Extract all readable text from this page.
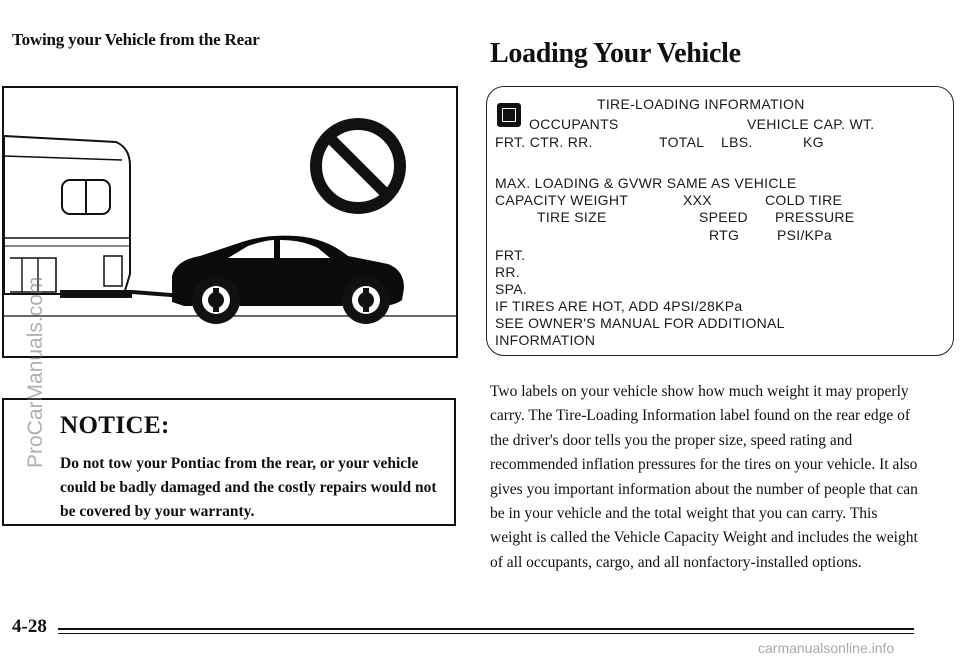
Towing your Vehicle from the Rear	Loading Your Vehicle
TIRE-LOADING INFORMATION
OCCUPANTS	VEHICLE CAP. WT.
FRT. CTR. RR.	TOTAL LBS.	KG
MAX. LOADING & GVWR SAME AS VEHICLE
CAPACITY WEIGHT	XXX	COLD TIRE
TIRE SIZE	SPEED PRESSURE
RTG	PSI/KPa
FRT.
RR.
SPA.
IF TIRES ARE HOT, ADD 4PSI/28KPa
SEE OWNER'S MANUAL FOR ADDITIONAL
INFORMATION
NOTICE:

Do not tow your Pontiac from the rear, or your vehicle could be badly damaged and the costly repairs would not be covered by your warranty.

Two labels on your vehicle show how much weight it may properly carry. The Tire-Loading Information label found on the rear edge of the driver's door tells you the proper size, speed rating and recommended inflation pressures for the tires on your vehicle. It also gives you important information about the number of people that can be in your vehicle and the total weight that you can carry. This weight is called the Vehicle Capacity Weight and includes the weight of all occupants, cargo, and all nonfactory-installed options.

4-28
ProCarManuals.com
carmanualsonline.info
